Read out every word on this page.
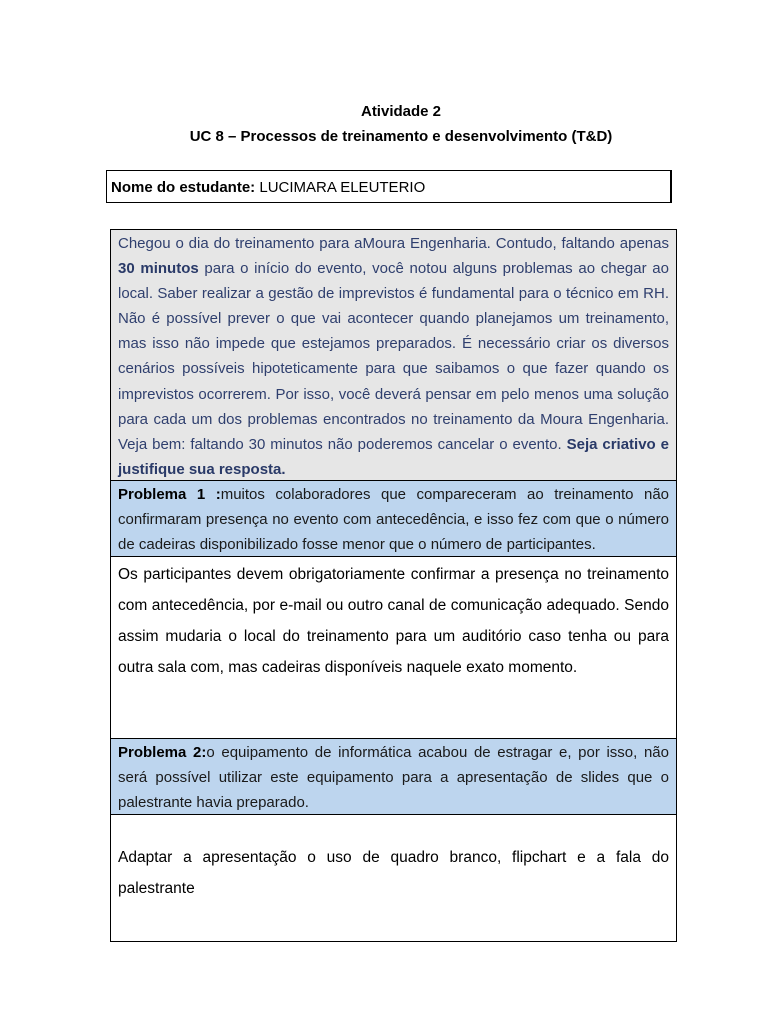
Atividade 2
UC 8 – Processos de treinamento e desenvolvimento (T&D)
Nome do estudante: LUCIMARA ELEUTERIO

Chegou o dia do treinamento para aMoura Engenharia. Contudo, faltando apenas 30 minutos para o início do evento, você notou alguns problemas ao chegar ao local. Saber realizar a gestão de imprevistos é fundamental para o técnico em RH. Não é possível prever o que vai acontecer quando planejamos um treinamento, mas isso não impede que estejamos preparados. É necessário criar os diversos cenários possíveis hipoteticamente para que saibamos o que fazer quando os imprevistos ocorrerem. Por isso, você deverá pensar em pelo menos uma solução para cada um dos problemas encontrados no treinamento da Moura Engenharia. Veja bem: faltando 30 minutos não poderemos cancelar o evento. Seja criativo e justifique sua resposta.

Problema 1 :muitos colaboradores que compareceram ao treinamento não confirmaram presença no evento com antecedência, e isso fez com que o número de cadeiras disponibilizado fosse menor que o número de participantes.

Os participantes devem obrigatoriamente confirmar a presença no treinamento com antecedência, por e-mail ou outro canal de comunicação adequado. Sendo assim mudaria o local do treinamento para um auditório caso tenha ou para outra sala com, mas cadeiras disponíveis naquele exato momento.

Problema 2:o equipamento de informática acabou de estragar e, por isso, não será possível utilizar este equipamento para a apresentação de slides que o palestrante havia preparado.

Adaptar a apresentação o uso de quadro branco, flipchart e a fala do palestrante
